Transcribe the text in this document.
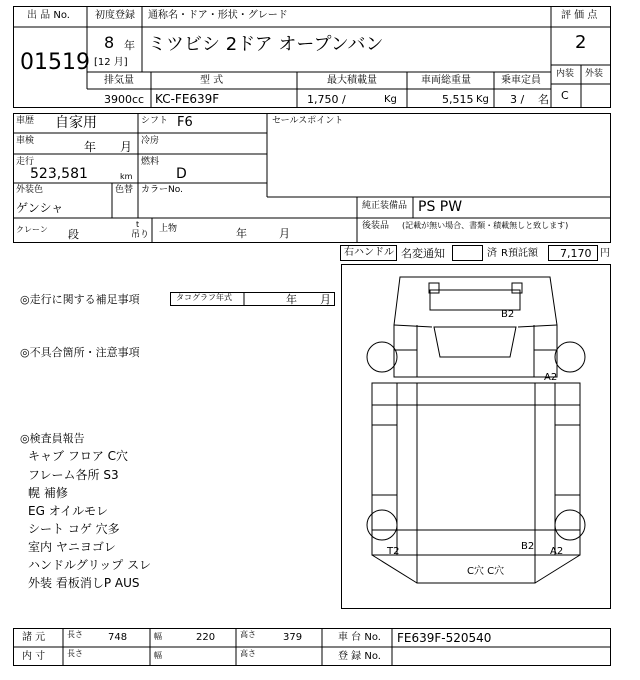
出 品 No.	初度登録 通称名・ドア・形状・グレード	評 価 点
01519
8 年
[12 月]
ミツビシ 2ドア オープンバン	2
内装 外装
C
排気量	型 式	最大積載量	車両総重量	乗車定員
3900 cc KC-FE639F	1,750 /	Kg	5,515 Kg 3 / 名
車歴 自家用	シフト F6	セールスポイント
車検	年 月 冷房
走行
523,581	km
燃料
D
外装色
ゲンシャ
色替 カラーNo.
純正装備品 PS PW
後装品 (記載が無い場合、書類・積載無しと致します)
クレーン 段
t
吊り
上物	年	月
右ハンドル 名変通知	済 R預託額 7,170 円
◎走行に関する補足事項	タコグラフ年式	年 月
◎不具合箇所・注意事項
◎検査員報告
キャブ フロア C穴
フレーム各所 S3
幌 補修
EG オイルモレ
シート コゲ 穴多
室内 ヤニヨゴレ
ハンドルグリップ スレ
外装 看板消しP AUS
B2
A2
T2	B2 A2
C穴 C穴
諸 元	長さ	748	幅	220	高さ	379	車 台 No. FE639F-520540
内 寸	長さ	幅	高さ	登 録 No.
